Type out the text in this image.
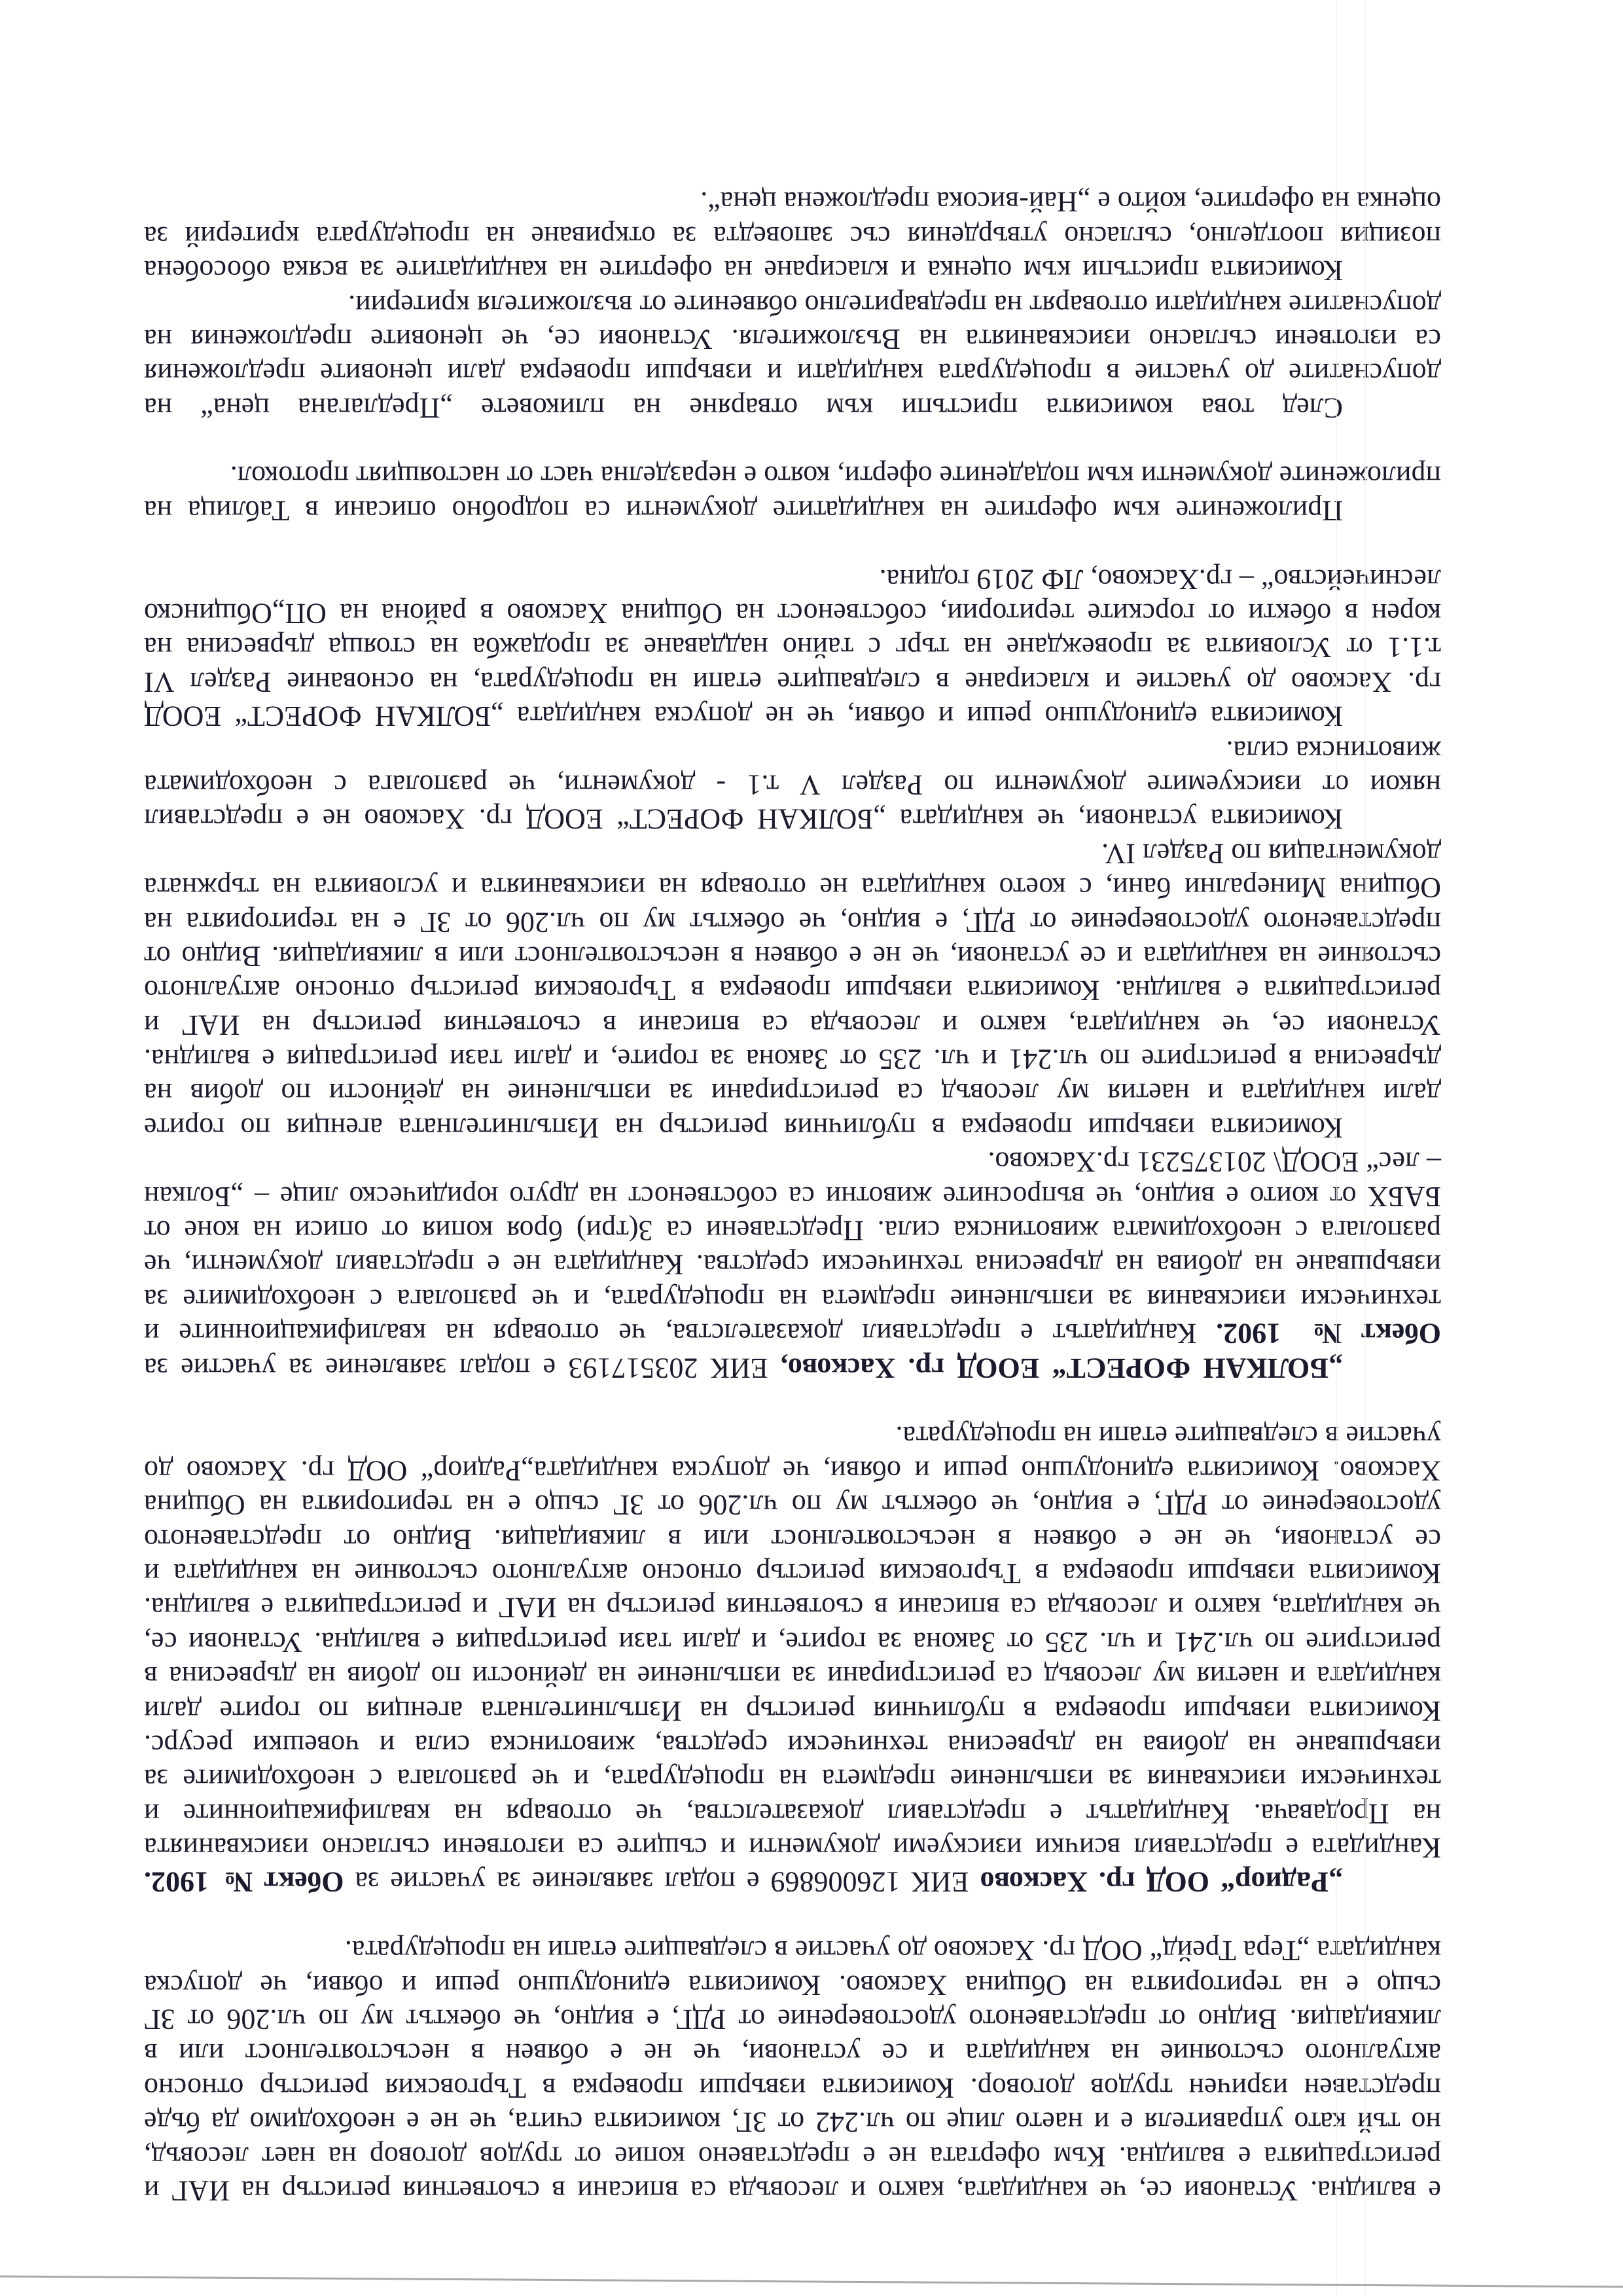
е валидна. Установи се, че кандидата, както и лесовъда са вписани в съответния регистър на ИАГ и
регистрацията е валидна. Към офертата не е представено копие от трудов договор на нает лесовъд,
но тъй като управителя е и наето лице по чл.242 от ЗГ, комисията счита, че не е необходимо да бъде
представен изричен трудов договор. Комисията извърши проверка в Търговския регистър относно
актуалното състояние на кандидата и се установи, че не е обявен в несъстоятелност или в
ликвидация. Видно от представеното удостоверение от РДГ, е видно, че обектът му по чл.206 от ЗГ
също е на територията на Община Хасково. Комисията единодушно реши и обяви, че допуска
кандидата „Тера Трейд“ ООД гр. Хасково до участие в следващите етапи на процедурата.
„Радиор“ ООД гр. Хасково ЕИК 126006869 е подал заявление за участие за Обект № 1902.
Кандидата е представил всички изискуеми документи и същите са изготвени съгласно изискванията
на Продавача. Кандидатът е представил доказателства, че отговаря на квалификационните и
технически изисквания за изпълнение предмета на процедурата, и че разполага с необходимите за
извършване на добива на дървесина технически средства, животинска сила и човешки ресурс.
Комисията извърши проверка в публичния регистър на Изпълнителната агенция по горите дали
кандидата и наетия му лесовъд са регистрирани за изпълнение на дейности по добив на дървесина в
регистрите по чл.241 и чл. 235 от Закона за горите, и дали тази регистрация е валидна. Установи се,
че кандидата, както и лесовъда са вписани в съответния регистър на ИАГ и регистрацията е валидна.
Комисията извърши проверка в Търговския регистър относно актуалното състояние на кандидата и
се установи, че не е обявен в несъстоятелност или в ликвидация. Видно от представеното
удостоверение от РДГ, е видно, че обектът му по чл.206 от ЗГ също е на територията на Община
Хасково. Комисията единодушно реши и обяви, че допуска кандидата„Радиор“ ООД гр. Хасково до
участие в следващите етапи на процедурата.
„БОЛКАН ФОРЕСТ“ ЕООД гр. Хасково, ЕИК 203517193 е подал заявление за участие за
Обект № 1902. Кандидатът е представил доказателства, че отговаря на квалификационните и
технически изисквания за изпълнение предмета на процедурата, и че разполага с необходимите за
извършване на добива на дървесина технически средства. Кандидата не е представил документи, че
разполага с необходимата животинска сила. Представени са 3(три) броя копия от описи на коне от
БАБХ от които е видно, че въпросните животни са собственост на друго юридическо лице – „Болкан
– лес“ ЕООД\ 201375231 гр.Хасково.
Комисията извърши проверка в публичния регистър на Изпълнителната агенция по горите
дали кандидата и наетия му лесовъд са регистрирани за изпълнение на дейности по добив на
дървесина в регистрите по чл.241 и чл. 235 от Закона за горите, и дали тази регистрация е валидна.
Установи се, че кандидата, както и лесовъда са вписани в съответния регистър на ИАГ и
регистрацията е валидна. Комисията извърши проверка в Търговския регистър относно актуалното
състояние на кандидата и се установи, че не е обявен в несъстоятелност или в ликвидация. Видно от
представеното удостоверение от РДГ, е видно, че обектът му по чл.206 от ЗГ е на територията на
Община Минерални бани, с което кандидата не отговаря на изискванията и условията на тържната
документация по Раздел IV.
Комисията установи, че кандидата „БОЛКАН ФОРЕСТ“ ЕООД гр. Хасково не е представил
някои от изискуемите документи по Раздел V т.1 - документи, че разполага с необходимата
животинска сила.
Комисията единодушно реши и обяви, че не допуска кандидата „БОЛКАН ФОРЕСТ“ ЕООД
гр. Хасково до участие и класиране в следващите етапи на процедурата, на основание Раздел VI
т.1.1 от Условията за провеждане на търг с тайно наддаване за продажба на стояща дървесина на
корен в обекти от горските територии, собственост на Община Хасково в района на ОП„Общинско
лесничейство“ – гр.Хасково, ЛФ 2019 година.
Приложените към офертите на кандидатите документи са подробно описани в Таблица на
приложените документи към подадените оферти, която е неразделна част от настоящият протокол.
След това комисията пристъпи към отваряне на пликовете „Предлагана цена“ на
допуснатите до участие в процедурата кандидати и извърши проверка дали ценовите предложения
са изготвени съгласно изискванията на Възложителя. Установи се, че ценовите предложения на
допуснатите кандидати отговарят на предварително обявените от възложителя критерии.
Комисията пристъпи към оценка и класиране на офертите на кандидатите за всяка обособена
позиция поотделно, съгласно утвърдения със заповедта за откриване на процедурата критерий за
оценка на офертите, който е „Най-висока предложена цена“.
